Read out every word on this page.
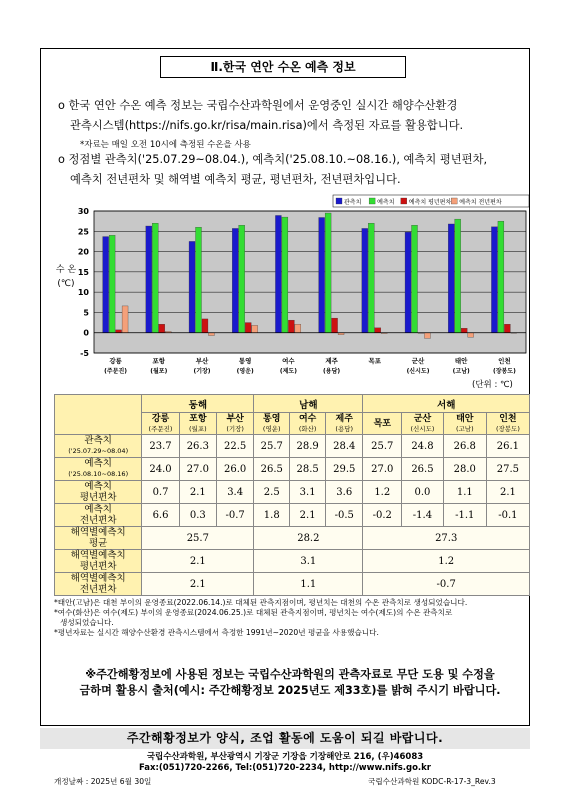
Ⅱ.한국 연안 수온 예측 정보
o 한국 연안 수온 예측 정보는 국립수산과학원에서 운영중인 실시간 해양수산환경
관측시스템(https://nifs.go.kr/risa/main.risa)에서 측정된 자료를 활용합니다.
*자료는 매일 오전 10시에 측정된 수온을 사용
o 정점별 관측치('25.07.29~08.04.), 예측치('25.08.10.~08.16.), 예측치 평년편차,
예측치 전년편차 및 해역별 예측치 평균, 평년편차, 전년편차입니다.
-5
0
5
10
15
20
25
30
수 온
(℃)
강릉
(주문진)
포항
(월포)
부산
(기장)
통영
(영운)
여수
(제도)
제주
(용담)
목포	군산
(신시도)
태안
(고남)
인천
(장봉도)
관측치	예측치 예측치 평년편차 예측치 전년편차
(단위 : ℃)
	동해			남해			서해			

	강릉
(주문진)	포항
(월포)	부산
(기장)	통영
(영운)	여수
(화산)	제주
(용담)	목포	군산
(신시도)	태안
(고남)	인천
(장봉도)

관측치
('25.07.29~08.04)	23.7	26.3	22.5	25.7	28.9	28.4	25.7	24.8	26.8	26.1

예측치
('25.08.10~08.16)	24.0	27.0	26.0	26.5	28.5	29.5	27.0	26.5	28.0	27.5

예측치
평년편차	0.7	2.1	3.4	2.5	3.1	3.6	1.2	0.0	1.1	2.1

예측치
전년편차	6.6	0.3	-0.7	1.8	2.1	-0.5	-0.2	-1.4	-1.1	-0.1

해역별예측치
평균	25.7			28.2			27.3			

해역별예측치
평년편차	2.1			3.1			1.2			

해역별예측치
전년편차	2.1			1.1			-0.7			
*태안(고남)은 대천 부이의 운영종료(2022.06.14.)로 대체된 관측지점이며, 평년치는 대천의 수온 관측치로 생성되었습니다.
*여수(화산)은 여수(제도) 부이의 운영종료(2024.06.25.)로 대체된 관측지점이며, 평년치는 여수(제도)의 수온 관측치로
생성되었습니다.
*평년자료는 실시간 해양수산환경 관측시스템에서 측정한 1991년~2020년 평균을 사용했습니다.
※주간해황정보에 사용된 정보는 국립수산과학원의 관측자료로 무단 도용 및 수정을
금하며 활용시 출처(예시: 주간해황정보 2025년도 제33호)를 밝혀 주시기 바랍니다.
주간해황정보가 양식, 조업 활동에 도움이 되길 바랍니다.
국립수산과학원, 부산광역시 기장군 기장읍 기장해안로 216, (우)46083
Fax:(051)720-2266, Tel:(051)720-2234, http://www.nifs.go.kr
개정날짜 : 2025년 6월 30일	국립수산과학원 KODC-R-17-3_Rev.3
